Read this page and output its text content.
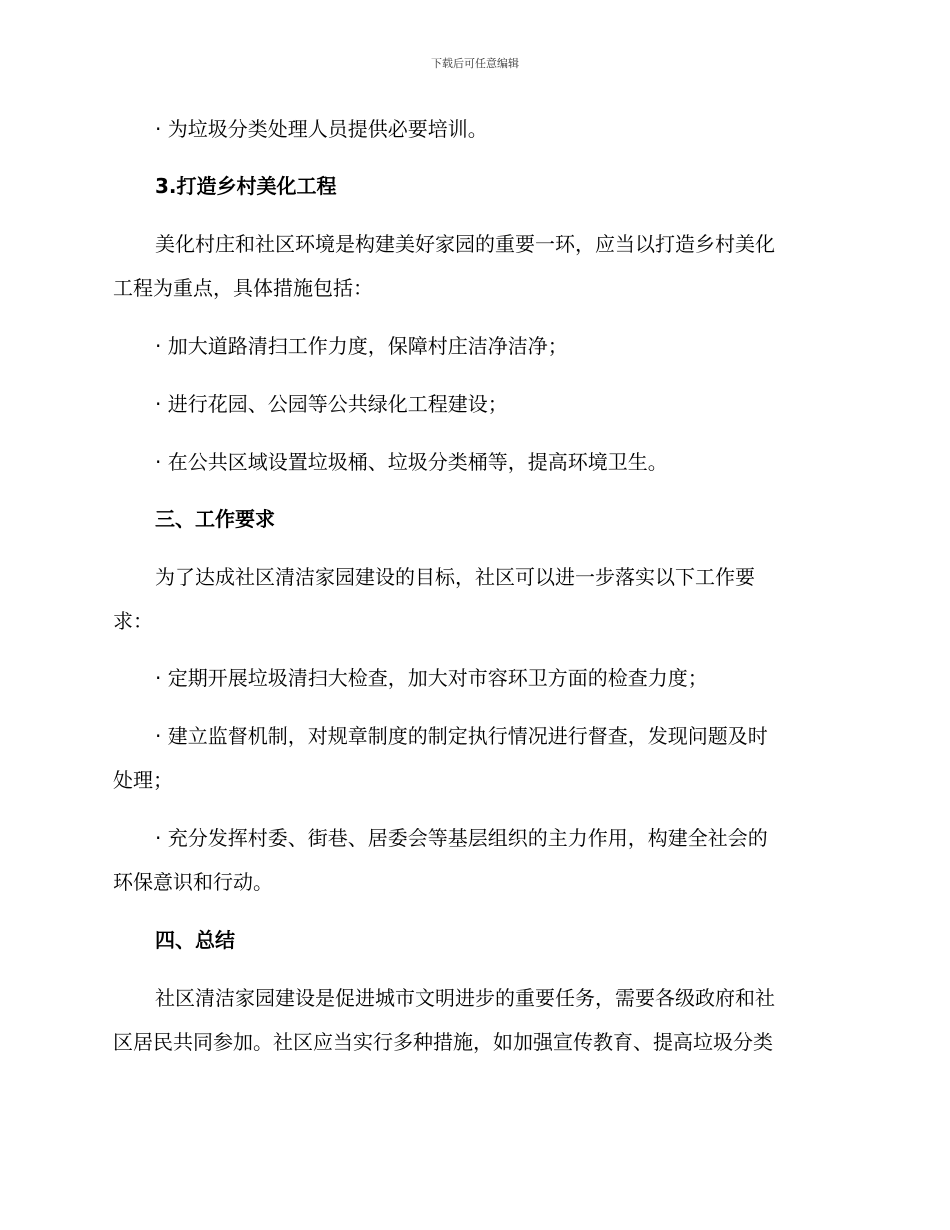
下载后可任意编辑
· 为垃圾分类处理人员提供必要培训。
3.打造乡村美化工程
美化村庄和社区环境是构建美好家园的重要一环，应当以打造乡村美化
工程为重点，具体措施包括：
· 加大道路清扫工作力度，保障村庄洁净洁净；
· 进行花园、公园等公共绿化工程建设；
· 在公共区域设置垃圾桶、垃圾分类桶等，提高环境卫生。
三、工作要求
为了达成社区清洁家园建设的目标，社区可以进一步落实以下工作要
求：
· 定期开展垃圾清扫大检查，加大对市容环卫方面的检查力度；
· 建立监督机制，对规章制度的制定执行情况进行督查，发现问题及时
处理；
· 充分发挥村委、街巷、居委会等基层组织的主力作用，构建全社会的
环保意识和行动。
四、总结
社区清洁家园建设是促进城市文明进步的重要任务，需要各级政府和社
区居民共同参加。社区应当实行多种措施，如加强宣传教育、提高垃圾分类
